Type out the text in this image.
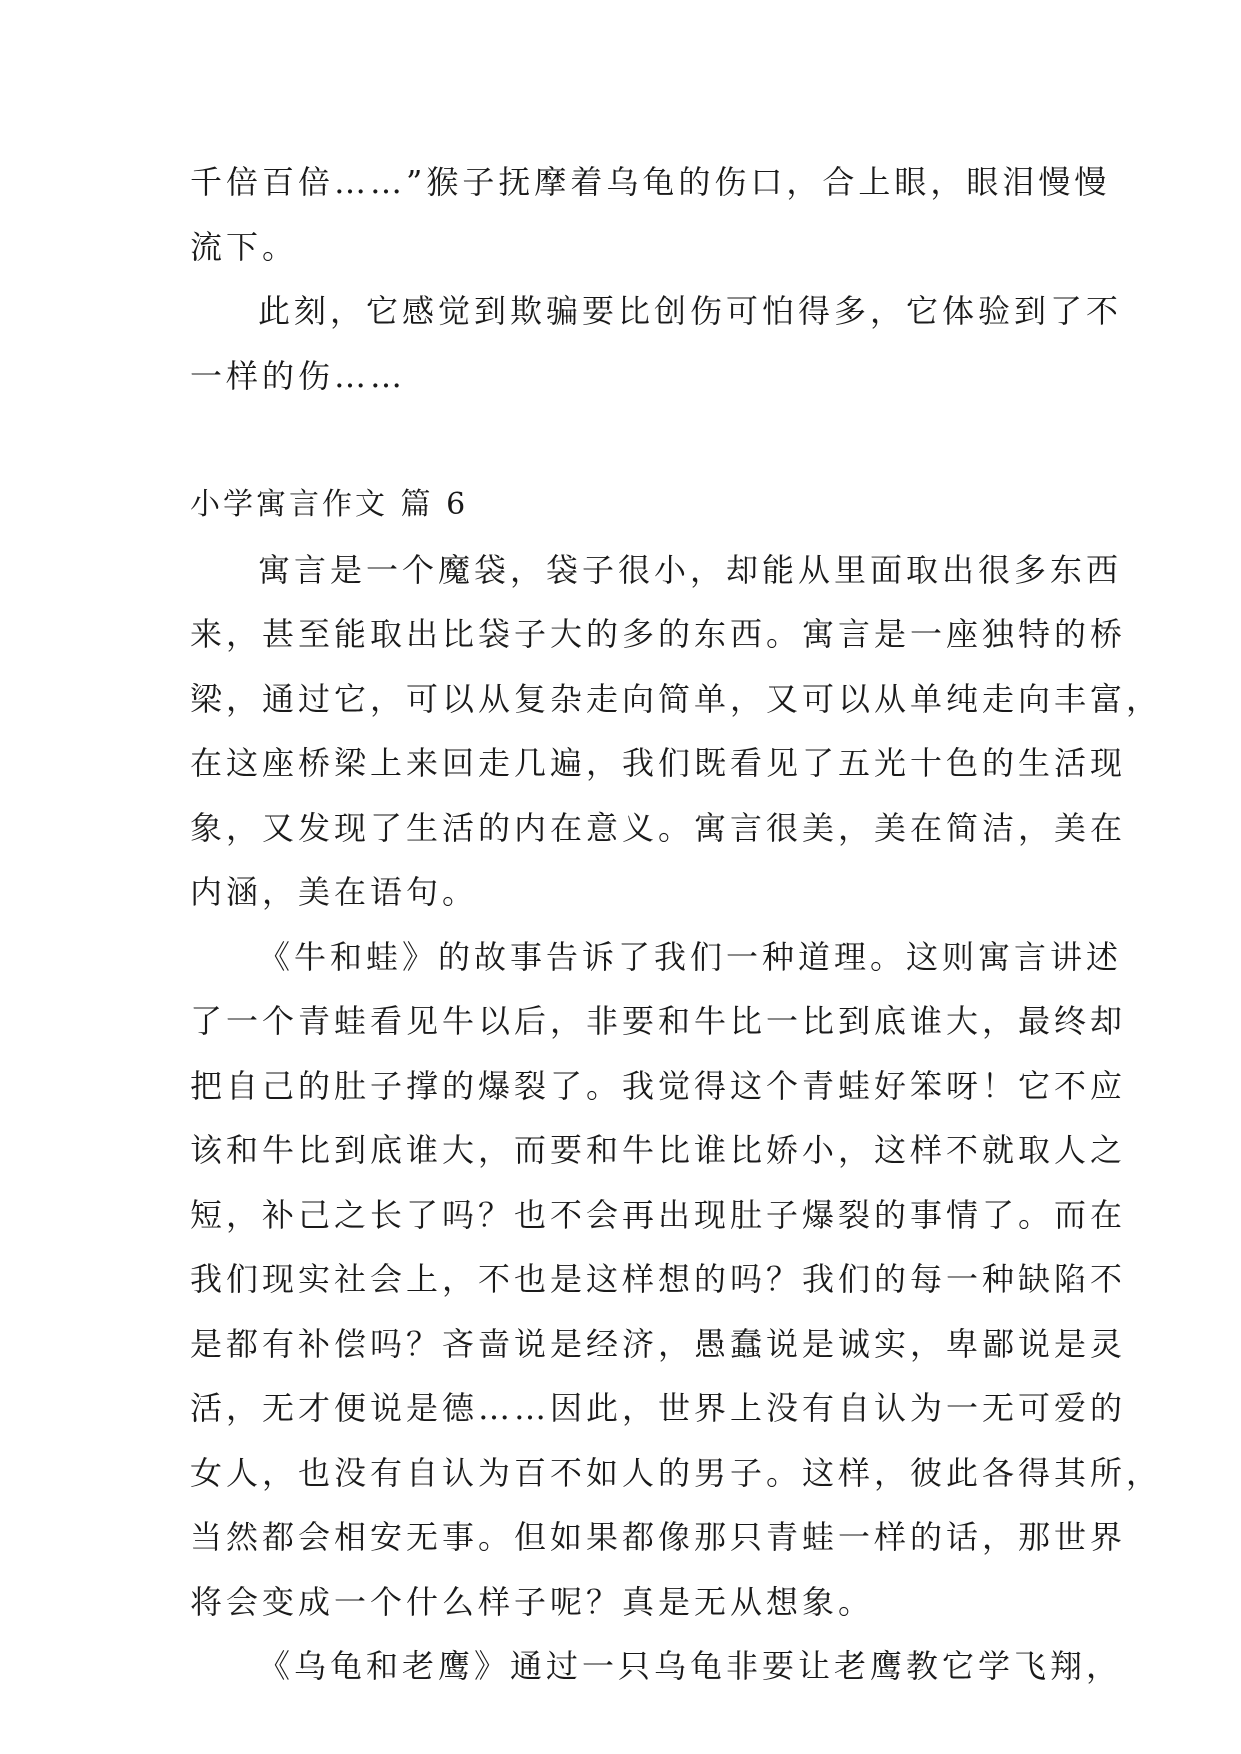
千倍百倍……”猴子抚摩着乌龟的伤口，合上眼，眼泪慢慢
流下。
此刻，它感觉到欺骗要比创伤可怕得多，它体验到了不
一样的伤……
小学寓言作文 篇 6
寓言是一个魔袋，袋子很小，却能从里面取出很多东西
来，甚至能取出比袋子大的多的东西。寓言是一座独特的桥
梁，通过它，可以从复杂走向简单，又可以从单纯走向丰富，
在这座桥梁上来回走几遍，我们既看见了五光十色的生活现
象，又发现了生活的内在意义。寓言很美，美在简洁，美在
内涵，美在语句。
《牛和蛙》的故事告诉了我们一种道理。这则寓言讲述
了一个青蛙看见牛以后，非要和牛比一比到底谁大，最终却
把自己的肚子撑的爆裂了。我觉得这个青蛙好笨呀！它不应
该和牛比到底谁大，而要和牛比谁比娇小，这样不就取人之
短，补己之长了吗？也不会再出现肚子爆裂的事情了。而在
我们现实社会上，不也是这样想的吗？我们的每一种缺陷不
是都有补偿吗？吝啬说是经济，愚蠢说是诚实，卑鄙说是灵
活，无才便说是德……因此，世界上没有自认为一无可爱的
女人，也没有自认为百不如人的男子。这样，彼此各得其所，
当然都会相安无事。但如果都像那只青蛙一样的话，那世界
将会变成一个什么样子呢？真是无从想象。
《乌龟和老鹰》通过一只乌龟非要让老鹰教它学飞翔，
